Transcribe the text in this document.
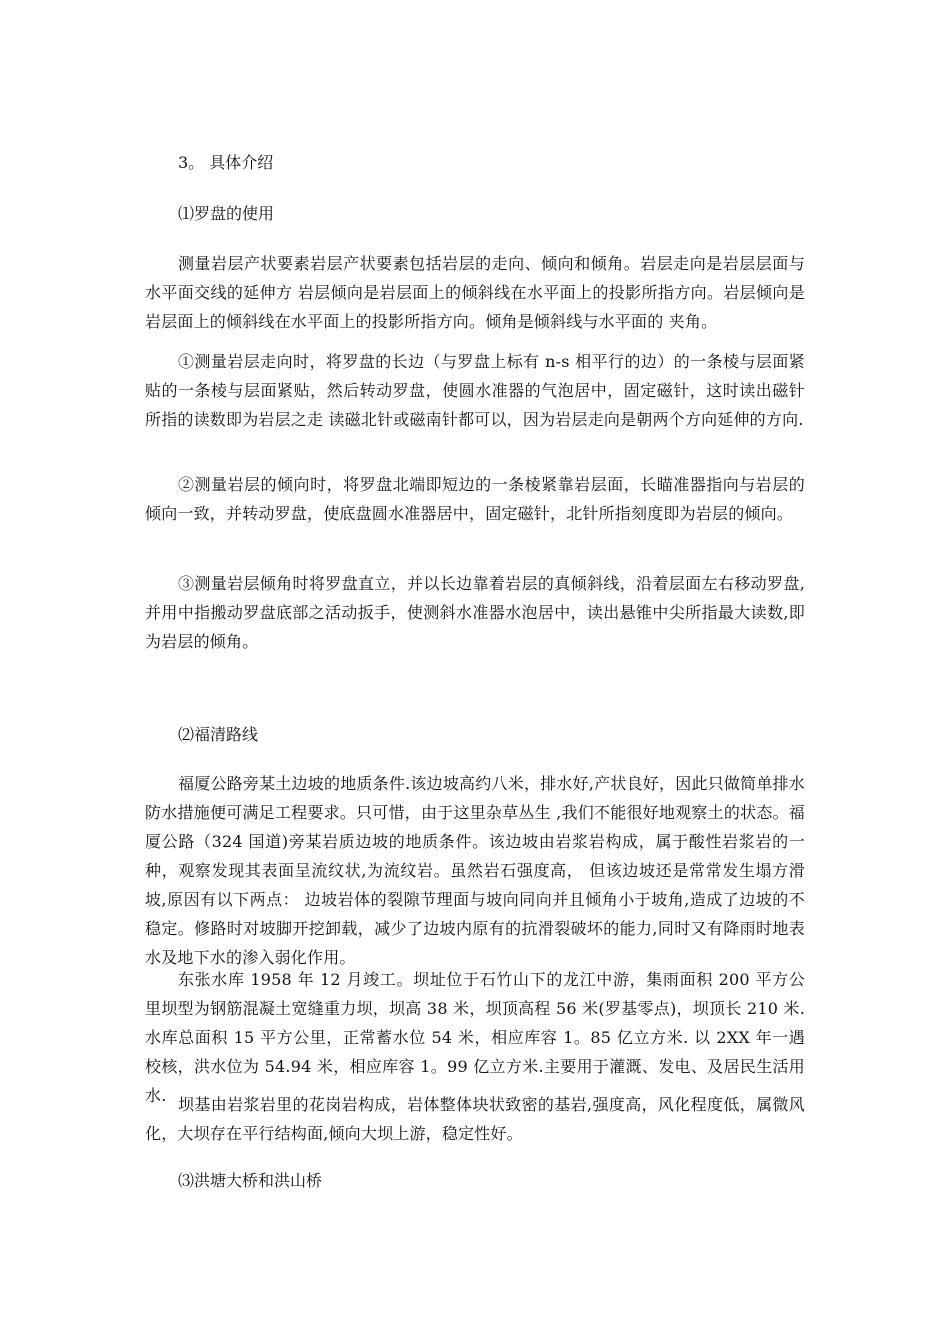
3。 具体介绍

⑴罗盘的使用

测量岩层产状要素岩层产状要素包括岩层的走向、倾向和倾角。岩层走向是岩层层面与水平面交线的延伸方 岩层倾向是岩层面上的倾斜线在水平面上的投影所指方向。岩层倾向是岩层面上的倾斜线在水平面上的投影所指方向。倾角是倾斜线与水平面的 夹角。

①测量岩层走向时，将罗盘的长边（与罗盘上标有 n-s 相平行的边）的一条棱与层面紧贴的一条棱与层面紧贴，然后转动罗盘，使圆水准器的气泡居中，固定磁针，这时读出磁针所指的读数即为岩层之走 读磁北针或磁南针都可以，因为岩层走向是朝两个方向延伸的方向.

②测量岩层的倾向时，将罗盘北端即短边的一条棱紧靠岩层面，长瞄准器指向与岩层的倾向一致，并转动罗盘，使底盘圆水准器居中，固定磁针，北针所指刻度即为岩层的倾向。

③测量岩层倾角时将罗盘直立，并以长边靠着岩层的真倾斜线，沿着层面左右移动罗盘,并用中指搬动罗盘底部之活动扳手，使测斜水准器水泡居中，读出悬锥中尖所指最大读数,即为岩层的倾角。

⑵福清路线

福厦公路旁某土边坡的地质条件.该边坡高约八米，排水好,产状良好，因此只做简单排水防水措施便可满足工程要求。只可惜，由于这里杂草丛生 ,我们不能很好地观察土的状态。福厦公路（324 国道)旁某岩质边坡的地质条件。该边坡由岩浆岩构成，属于酸性岩浆岩的一种，观察发现其表面呈流纹状,为流纹岩。虽然岩石强度高， 但该边坡还是常常发生塌方滑坡,原因有以下两点： 边坡岩体的裂隙节理面与坡向同向并且倾角小于坡角,造成了边坡的不稳定。修路时对坡脚开挖卸载，减少了边坡内原有的抗滑裂破坏的能力,同时又有降雨时地表水及地下水的渗入弱化作用。

东张水库 1958 年 12 月竣工。坝址位于石竹山下的龙江中游，集雨面积 200 平方公里坝型为钢筋混凝土宽缝重力坝，坝高 38 米，坝顶高程 56 米(罗基零点)，坝顶长 210 米. 水库总面积 15 平方公里，正常蓄水位 54 米，相应库容 1。85 亿立方米. 以 2XX 年一遇校核，洪水位为 54.94 米，相应库容 1。99 亿立方米.主要用于灌溉、发电、及居民生活用水. 坝基由岩浆岩里的花岗岩构成，岩体整体块状致密的基岩,强度高，风化程度低，属微风化，大坝存在平行结构面,倾向大坝上游，稳定性好。

⑶洪塘大桥和洪山桥
